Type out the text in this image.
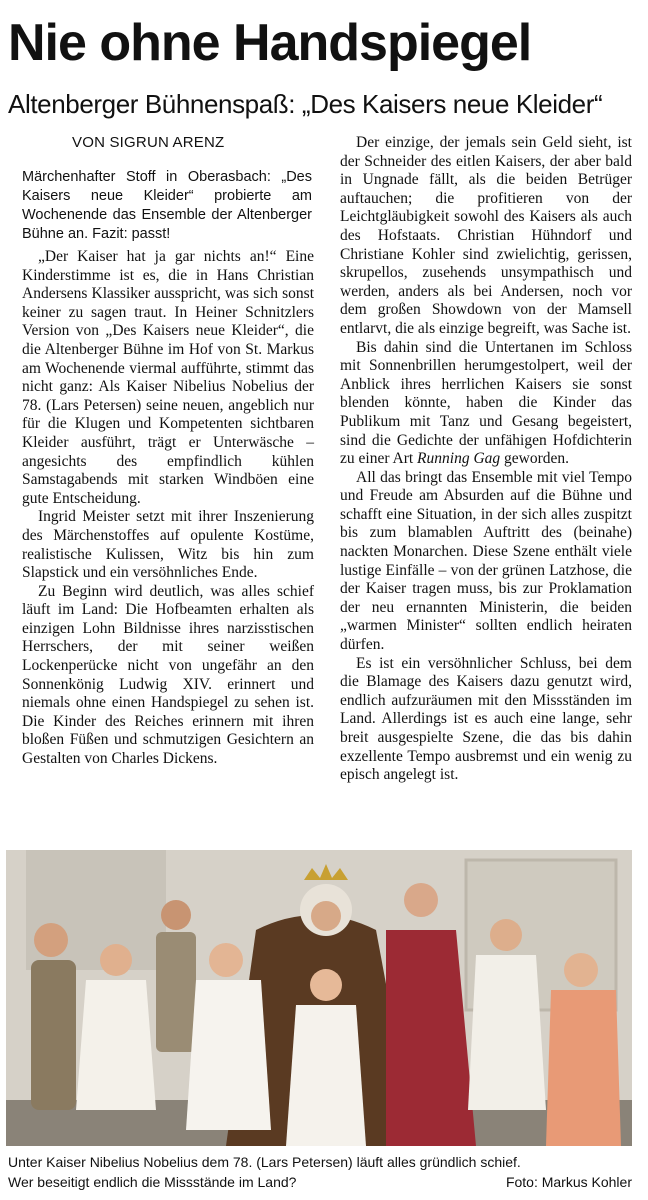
Nie ohne Handspiegel
Altenberger Bühnenspaß: „Des Kaisers neue Kleider“
VON SIGRUN ARENZ
Märchenhafter Stoff in Oberasbach: „Des Kaisers neue Kleider“ probierte am Wochenende das Ensemble der Altenberger Bühne an. Fazit: passt!

„Der Kaiser hat ja gar nichts an!“ Eine Kinderstimme ist es, die in Hans Christian Andersens Klassiker ausspricht, was sich sonst keiner zu sagen traut. In Heiner Schnitzlers Version von „Des Kaisers neue Kleider“, die die Altenberger Bühne im Hof von St. Markus am Wochenende viermal aufführte, stimmt das nicht ganz: Als Kaiser Nibelius Nobelius der 78. (Lars Petersen) seine neuen, angeblich nur für die Klugen und Kompetenten sichtbaren Kleider ausführt, trägt er Unterwäsche – angesichts des empfindlich kühlen Samstagabends mit starken Windböen eine gute Entscheidung.

Ingrid Meister setzt mit ihrer Inszenierung des Märchenstoffes auf opulente Kostüme, realistische Kulissen, Witz bis hin zum Slapstick und ein versöhnliches Ende.

Zu Beginn wird deutlich, was alles schief läuft im Land: Die Hofbeamten erhalten als einzigen Lohn Bildnisse ihres narzisstischen Herrschers, der mit seiner weißen Lockenperücke nicht von ungefähr an den Sonnenkönig Ludwig XIV. erinnert und niemals ohne einen Handspiegel zu sehen ist. Die Kinder des Reiches erinnern mit ihren bloßen Füßen und schmutzigen Gesichtern an Gestalten von Charles Dickens.

Der einzige, der jemals sein Geld sieht, ist der Schneider des eitlen Kaisers, der aber bald in Ungnade fällt, als die beiden Betrüger auftauchen; die profitieren von der Leichtgläubigkeit sowohl des Kaisers als auch des Hofstaats. Christian Hühndorf und Christiane Kohler sind zwielichtig, gerissen, skrupellos, zusehends unsympathisch und werden, anders als bei Andersen, noch vor dem großen Showdown von der Mamsell entlarvt, die als einzige begreift, was Sache ist.

Bis dahin sind die Untertanen im Schloss mit Sonnenbrillen herumgestolpert, weil der Anblick ihres herrlichen Kaisers sie sonst blenden könnte, haben die Kinder das Publikum mit Tanz und Gesang begeistert, sind die Gedichte der unfähigen Hofdichterin zu einer Art Running Gag geworden.

All das bringt das Ensemble mit viel Tempo und Freude am Absurden auf die Bühne und schafft eine Situation, in der sich alles zuspitzt bis zum blamablen Auftritt des (beinahe) nackten Monarchen. Diese Szene enthält viele lustige Einfälle – von der grünen Latzhose, die der Kaiser tragen muss, bis zur Proklamation der neu ernannten Ministerin, die beiden „warmen Minister“ sollten endlich heiraten dürfen.

Es ist ein versöhnlicher Schluss, bei dem die Blamage des Kaisers dazu genutzt wird, endlich aufzuräumen mit den Missständen im Land. Allerdings ist es auch eine lange, sehr breit ausgespielte Szene, die das bis dahin exzellente Tempo ausbremst und ein wenig zu episch angelegt ist.

Unter Kaiser Nibelius Nobelius dem 78. (Lars Petersen) läuft alles gründlich schief.
Wer beseitigt endlich die Missstände im Land?	Foto: Markus Kohler
